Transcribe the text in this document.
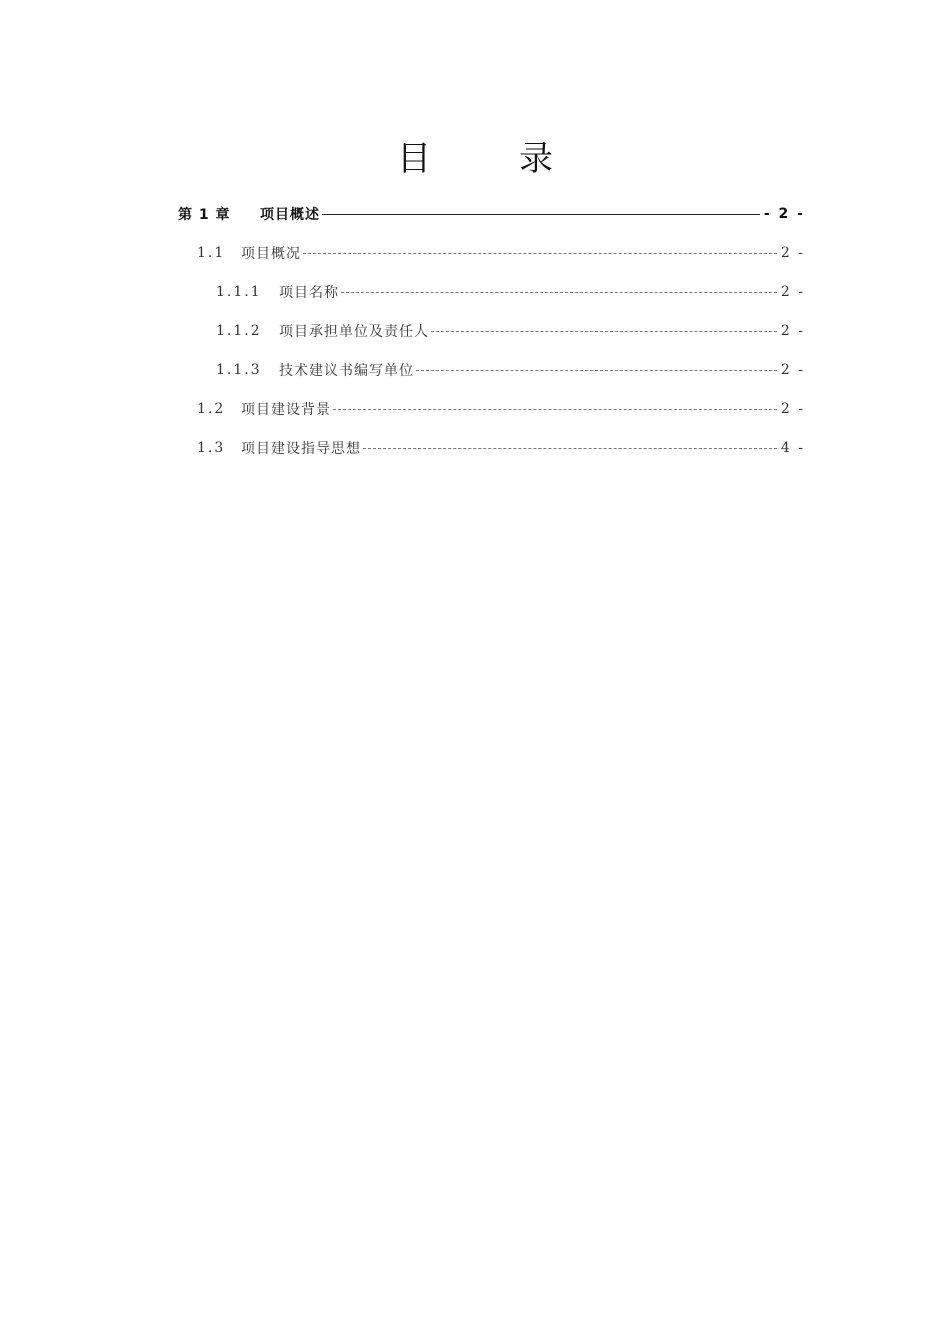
目	录
第 1 章	项目概述	- 2 -
1.1	项目概况	2 -
1.1.1	项目名称	2 -
1.1.2	项目承担单位及责任人	2 -
1.1.3	技术建议书编写单位	2 -
1.2	项目建设背景	2 -
1.3	项目建设指导思想	4 -
